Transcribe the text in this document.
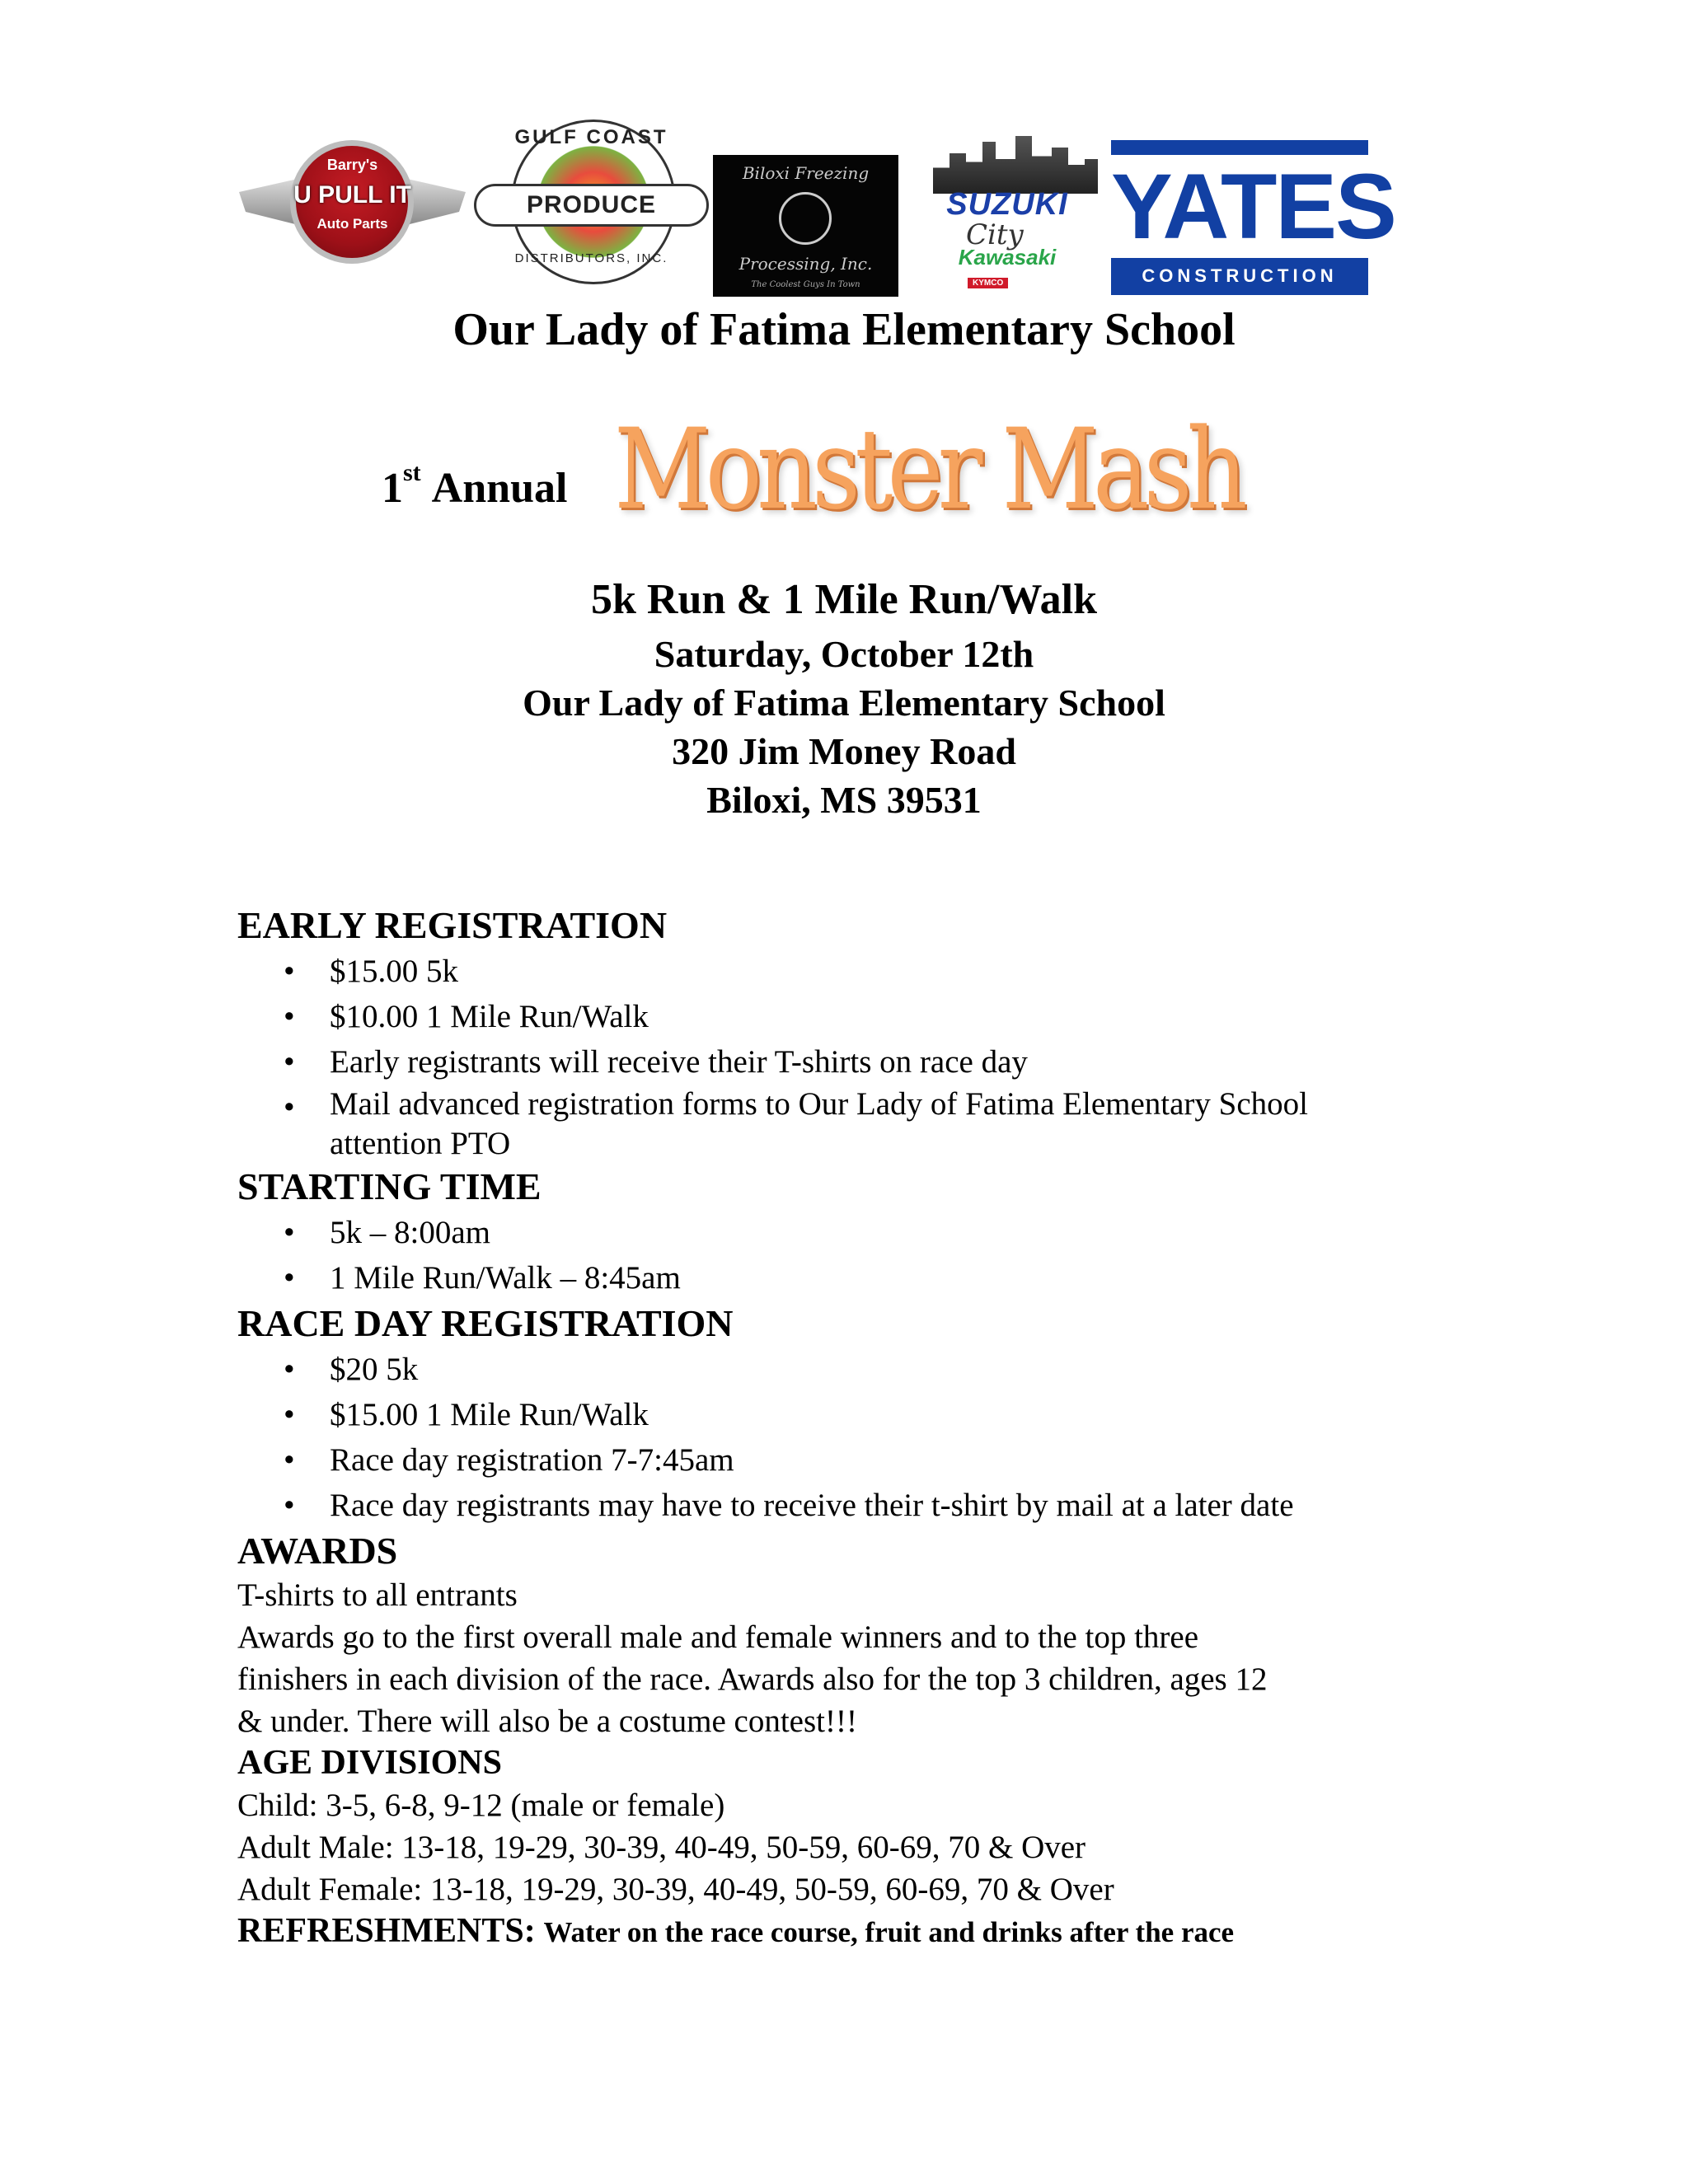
Barry's
U PULL IT
Auto Parts
GULF COAST
PRODUCE
DISTRIBUTORS, INC.
Biloxi Freezing
Processing, Inc.
The Coolest Guys In Town
SUZUKI
City
Kawasaki
KYMCO
YATES
CONSTRUCTION
Our Lady of Fatima Elementary School
1st Annual Monster Mash
5k Run & 1 Mile Run/Walk
Saturday, October 12th
Our Lady of Fatima Elementary School
320 Jim Money Road
Biloxi, MS 39531
EARLY REGISTRATION
• $15.00 5k
• $10.00 1 Mile Run/Walk
• Early registrants will receive their T-shirts on race day
• Mail advanced registration forms to Our Lady of Fatima Elementary School
attention PTO
STARTING TIME
• 5k – 8:00am
• 1 Mile Run/Walk – 8:45am
RACE DAY REGISTRATION
• $20 5k
• $15.00 1 Mile Run/Walk
• Race day registration 7-7:45am
• Race day registrants may have to receive their t-shirt by mail at a later date
AWARDS

T-shirts to all entrants

Awards go to the first overall male and female winners and to the top three

finishers in each division of the race. Awards also for the top 3 children, ages 12

& under. There will also be a costume contest!!!

AGE DIVISIONS

Child: 3-5, 6-8, 9-12 (male or female)

Adult Male: 13-18, 19-29, 30-39, 40-49, 50-59, 60-69, 70 & Over

Adult Female: 13-18, 19-29, 30-39, 40-49, 50-59, 60-69, 70 & Over

REFRESHMENTS: Water on the race course, fruit and drinks after the race
